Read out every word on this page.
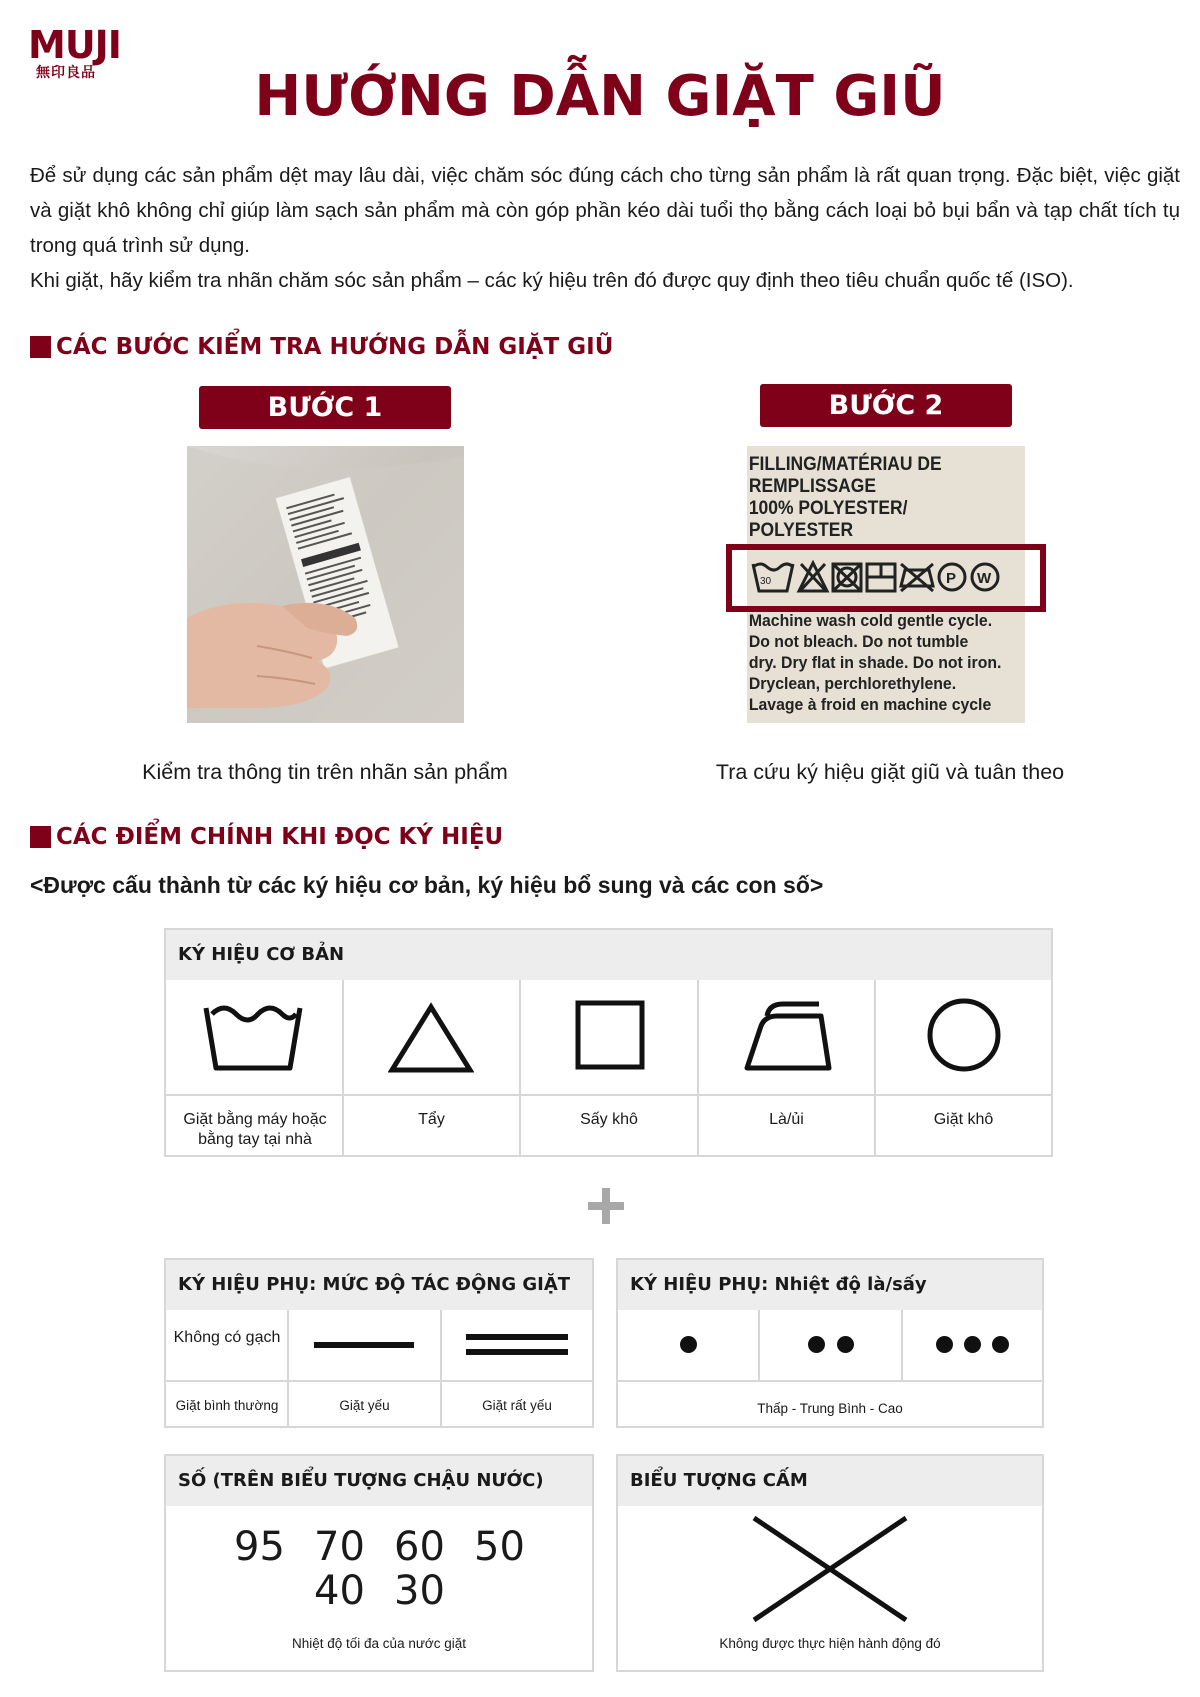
MUJI
無印良品	HƯỚNG DẪN GIẶT GIŨ

Để sử dụng các sản phẩm dệt may lâu dài, việc chăm sóc đúng cách cho từng sản phẩm là rất quan trọng. Đặc biệt, việc giặt và giặt khô không chỉ giúp làm sạch sản phẩm mà còn góp phần kéo dài tuổi thọ bằng cách loại bỏ bụi bẩn và tạp chất tích tụ trong quá trình sử dụng.

Khi giặt, hãy kiểm tra nhãn chăm sóc sản phẩm – các ký hiệu trên đó được quy định theo tiêu chuẩn quốc tế (ISO).

CÁC BƯỚC KIỂM TRA HƯỚNG DẪN GIẶT GIŨ
BƯỚC 1	BƯỚC 2
FILLING/MATÉRIAU DE
REMPLISSAGE
100% POLYESTER/
POLYESTER
30	P W
Machine wash cold gentle cycle.
Do not bleach. Do not tumble
dry. Dry flat in shade. Do not iron.
Dryclean, perchlorethylene.
Lavage à froid en machine cycle
Kiểm tra thông tin trên nhãn sản phẩm	Tra cứu ký hiệu giặt giũ và tuân theo
CÁC ĐIỂM CHÍNH KHI ĐỌC KÝ HIỆU
<Được cấu thành từ các ký hiệu cơ bản, ký hiệu bổ sung và các con số>
KÝ HIỆU CƠ BẢN
Giặt bằng máy hoặc bằng tay tại nhà
Tẩy	Sấy khô	Là/ủi	Giặt khô
KÝ HIỆU PHỤ: MỨC ĐỘ TÁC ĐỘNG GIẶT
Không có gạch
Giặt bình thường	Giặt yếu	Giặt rất yếu
KÝ HIỆU PHỤ: Nhiệt độ là/sấy
Thấp - Trung Bình - Cao
SỐ (TRÊN BIỂU TƯỢNG CHẬU NƯỚC)
95 70 60 50
40 30
Nhiệt độ tối đa của nước giặt
BIỂU TƯỢNG CẤM
Không được thực hiện hành động đó
